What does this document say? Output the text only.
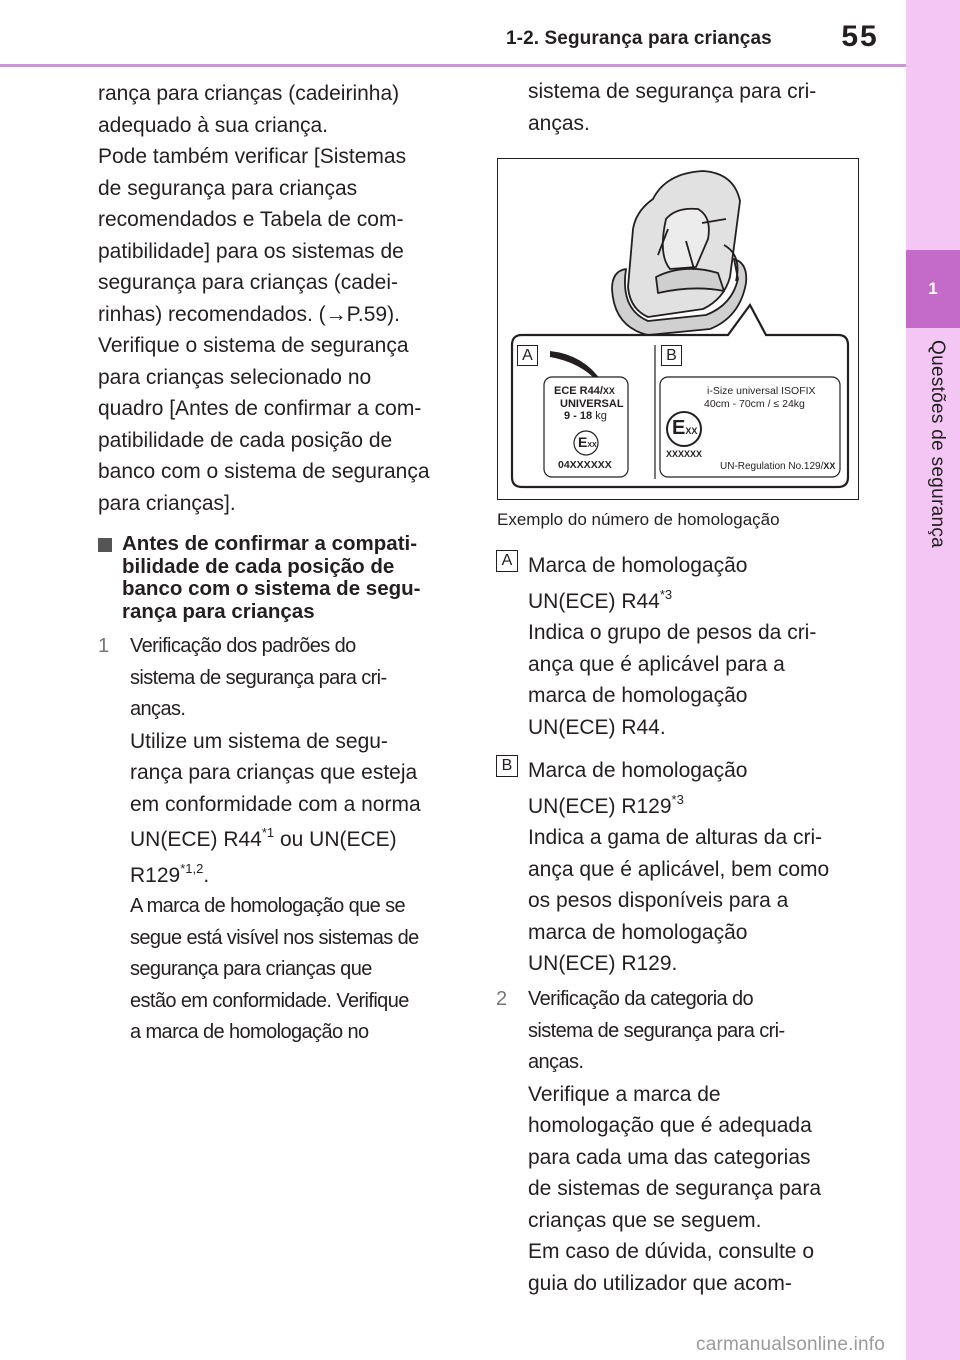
1-2. Segurança para crianças	55
1
Questões de segurança

rança para crianças (cadeirinha)

adequado à sua criança.

Pode também verificar [Sistemas

de segurança para crianças

recomendados e Tabela de com-

patibilidade] para os sistemas de

segurança para crianças (cadei-

rinhas) recomendados. (→P.59).

Verifique o sistema de segurança

para crianças selecionado no

quadro [Antes de confirmar a com-

patibilidade de cada posição de

banco com o sistema de segurança

para crianças].

Antes de confirmar a compati-

bilidade de cada posição de

banco com o sistema de segu-

rança para crianças

1	Verificação dos padrões do

sistema de segurança para cri-

anças.

Utilize um sistema de segu-

rança para crianças que esteja

em conformidade com a norma

UN(ECE) R44$^{*1}$ ou UN(ECE)

R129$^{*1,2}$.

A marca de homologação que se

segue está visível nos sistemas de

segurança para crianças que

estão em conformidade. Verifique

a marca de homologação no

sistema de segurança para cri-

anças.

A	B
ECE R44/XX
UNIVERSAL
9 - 18 kg
EXX
04XXXXXX
i-Size universal ISOFIX
40cm - 70cm / ≤ 24kg
EXX
XXXXXX
UN-Regulation No.129/XX
Exemplo do número de homologação
A Marca de homologação

UN(ECE) R44$^{*3}$

Indica o grupo de pesos da cri-

ança que é aplicável para a

marca de homologação

UN(ECE) R44.

B Marca de homologação

UN(ECE) R129$^{*3}$

Indica a gama de alturas da cri-

ança que é aplicável, bem como

os pesos disponíveis para a

marca de homologação

UN(ECE) R129.

2	Verificação da categoria do

sistema de segurança para cri-

anças.

Verifique a marca de

homologação que é adequada

para cada uma das categorias

de sistemas de segurança para

crianças que se seguem.

Em caso de dúvida, consulte o

guia do utilizador que acom-

carmanualsonline.info
